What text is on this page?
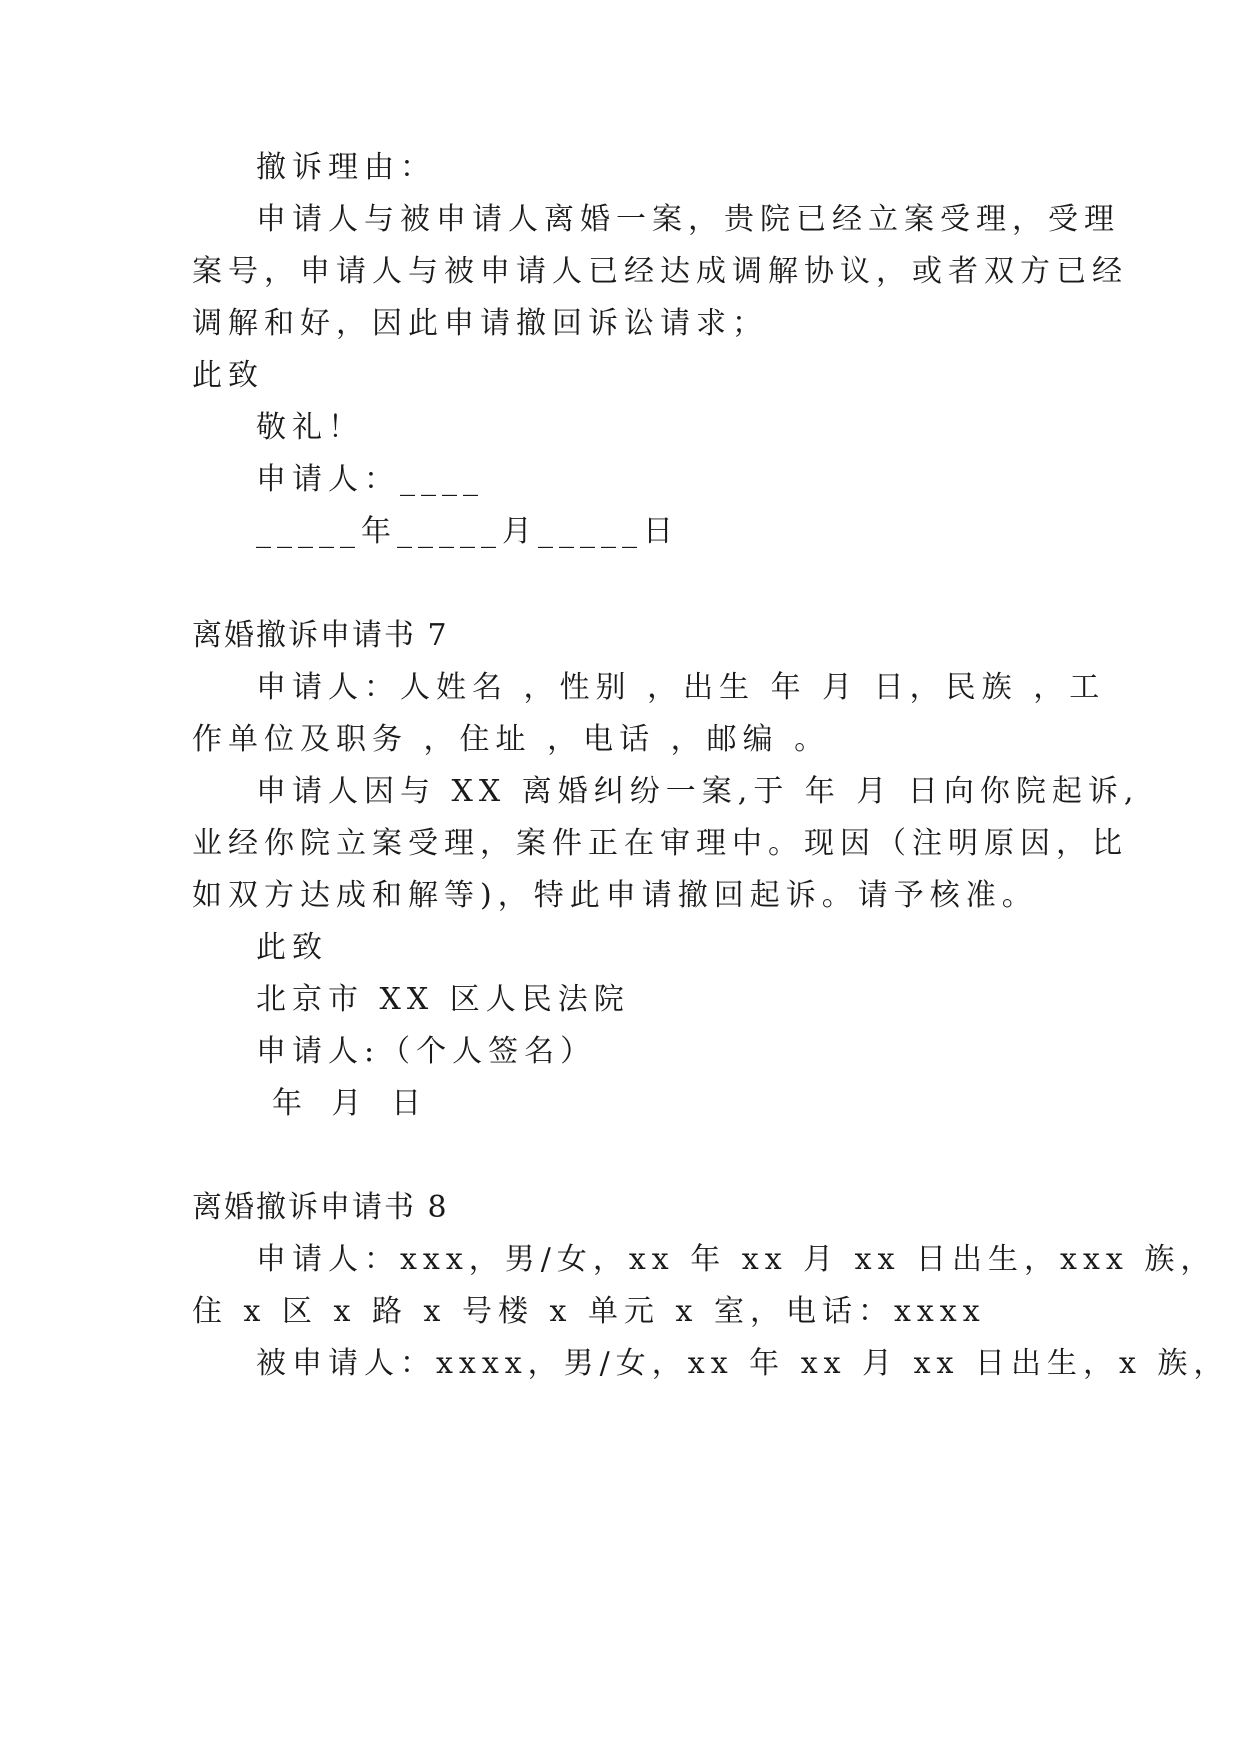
撤诉理由：
申请人与被申请人离婚一案，贵院已经立案受理，受理
案号，申请人与被申请人已经达成调解协议，或者双方已经
调解和好，因此申请撤回诉讼请求；
此致
敬礼！
申请人：____
_____年_____月_____日
离婚撤诉申请书 7
申请人：人姓名 ，性别 ，出生 年 月 日，民族 ，工
作单位及职务 ，住址 ，电话 ，邮编 。
申请人因与 XX 离婚纠纷一案,于 年 月 日向你院起诉,
业经你院立案受理，案件正在审理中。现因（注明原因，比
如双方达成和解等)，特此申请撤回起诉。请予核准。
此致
北京市 XX 区人民法院
申请人:（个人签名）
年 月 日
离婚撤诉申请书 8
申请人：xxx，男/女，xx 年 xx 月 xx 日出生，xxx 族，
住 x 区 x 路 x 号楼 x 单元 x 室，电话：xxxx
被申请人：xxxx，男/女，xx 年 xx 月 xx 日出生，x 族，
